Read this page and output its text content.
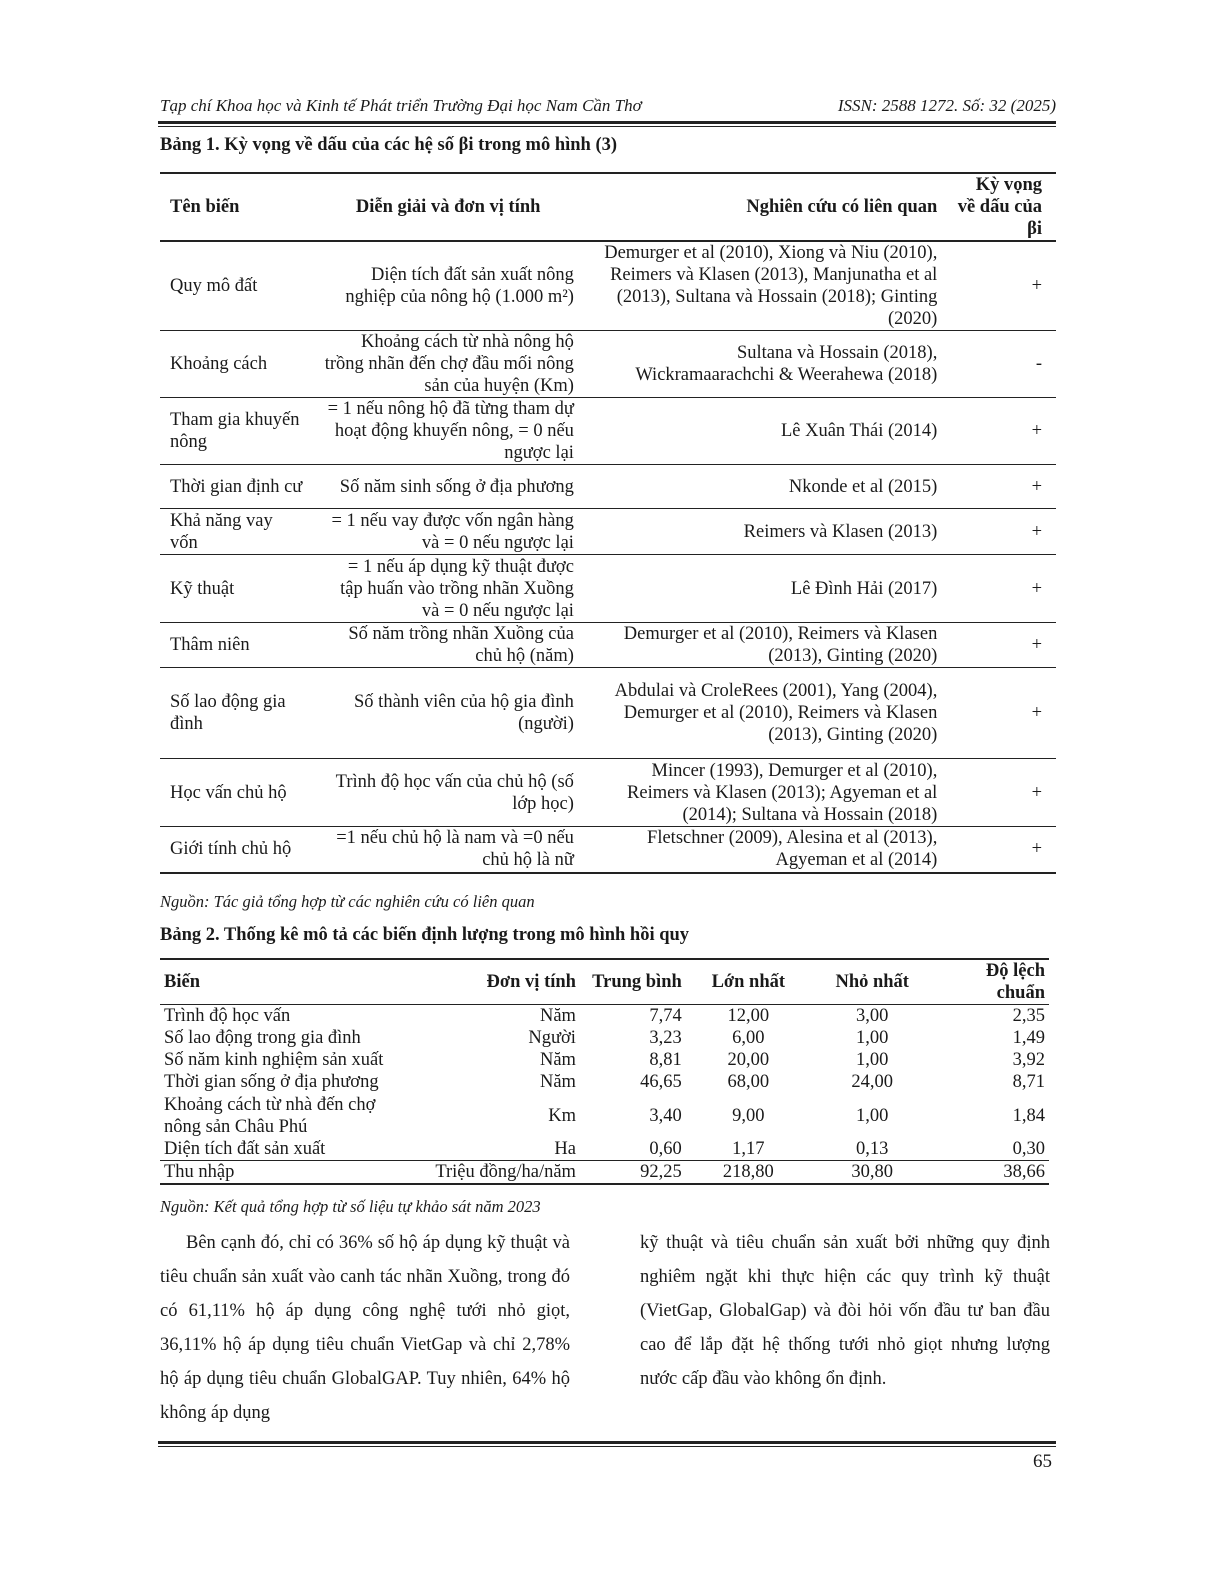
Tạp chí Khoa học và Kinh tế Phát triển Trường Đại học Nam Cần Thơ	ISSN: 2588 1272. Số: 32 (2025)
Bảng 1. Kỳ vọng về dấu của các hệ số βi trong mô hình (3)
Tên biến	Diễn giải và đơn vị tính	Nghiên cứu có liên quan	Kỳ vọng về dấu của βi
Quy mô đất	Diện tích đất sản xuất nông nghiệp của nông hộ (1.000 m²)	Demurger et al (2010), Xiong và Niu (2010), Reimers và Klasen (2013), Manjunatha et al (2013), Sultana và Hossain (2018); Ginting (2020)	+
Khoảng cách	Khoảng cách từ nhà nông hộ trồng nhãn đến chợ đầu mối nông sản của huyện (Km)	Sultana và Hossain (2018), Wickramaarachchi & Weerahewa (2018)	-
Tham gia khuyến nông	= 1 nếu nông hộ đã từng tham dự hoạt động khuyến nông, = 0 nếu ngược lại	Lê Xuân Thái (2014)	+
Thời gian định cư	Số năm sinh sống ở địa phương	Nkonde et al (2015)	+
Khả năng vay vốn	= 1 nếu vay được vốn ngân hàng và = 0 nếu ngược lại	Reimers và Klasen (2013)	+
Kỹ thuật	= 1 nếu áp dụng kỹ thuật được tập huấn vào trồng nhãn Xuồng và = 0 nếu ngược lại	Lê Đình Hải (2017)	+
Thâm niên	Số năm trồng nhãn Xuồng của chủ hộ (năm)	Demurger et al (2010), Reimers và Klasen (2013), Ginting (2020)	+
Số lao động gia đình	Số thành viên của hộ gia đình (người)	Abdulai và CroleRees (2001), Yang (2004), Demurger et al (2010), Reimers và Klasen (2013), Ginting (2020)	+
Học vấn chủ hộ	Trình độ học vấn của chủ hộ (số lớp học)	Mincer (1993), Demurger et al (2010), Reimers và Klasen (2013); Agyeman et al (2014); Sultana và Hossain (2018)	+
Giới tính chủ hộ	=1 nếu chủ hộ là nam và =0 nếu chủ hộ là nữ	Fletschner (2009), Alesina et al (2013), Agyeman et al (2014)	+
Nguồn: Tác giả tổng hợp từ các nghiên cứu có liên quan
Bảng 2. Thống kê mô tả các biến định lượng trong mô hình hồi quy
Biến	Đơn vị tính	Trung bình	Lớn nhất	Nhỏ nhất	Độ lệch chuẩn
Trình độ học vấn	Năm	7,74	12,00	3,00	2,35
Số lao động trong gia đình	Người	3,23	6,00	1,00	1,49
Số năm kinh nghiệm sản xuất	Năm	8,81	20,00	1,00	3,92
Thời gian sống ở địa phương	Năm	46,65	68,00	24,00	8,71
Khoảng cách từ nhà đến chợ nông sản Châu Phú	Km	3,40	9,00	1,00	1,84
Diện tích đất sản xuất	Ha	0,60	1,17	0,13	0,30
Thu nhập	Triệu đồng/ha/năm	92,25	218,80	30,80	38,66
Nguồn: Kết quả tổng hợp từ số liệu tự khảo sát năm 2023

Bên cạnh đó, chỉ có 36% số hộ áp dụng kỹ thuật và tiêu chuẩn sản xuất vào canh tác nhãn Xuồng, trong đó có 61,11% hộ áp dụng công nghệ tưới nhỏ giọt, 36,11% hộ áp dụng tiêu chuẩn VietGap và chỉ 2,78% hộ áp dụng tiêu chuẩn GlobalGAP. Tuy nhiên, 64% hộ không áp dụng

kỹ thuật và tiêu chuẩn sản xuất bởi những quy định nghiêm ngặt khi thực hiện các quy trình kỹ thuật (VietGap, GlobalGap) và đòi hỏi vốn đầu tư ban đầu cao để lắp đặt hệ thống tưới nhỏ giọt nhưng lượng nước cấp đầu vào không ổn định.

65
